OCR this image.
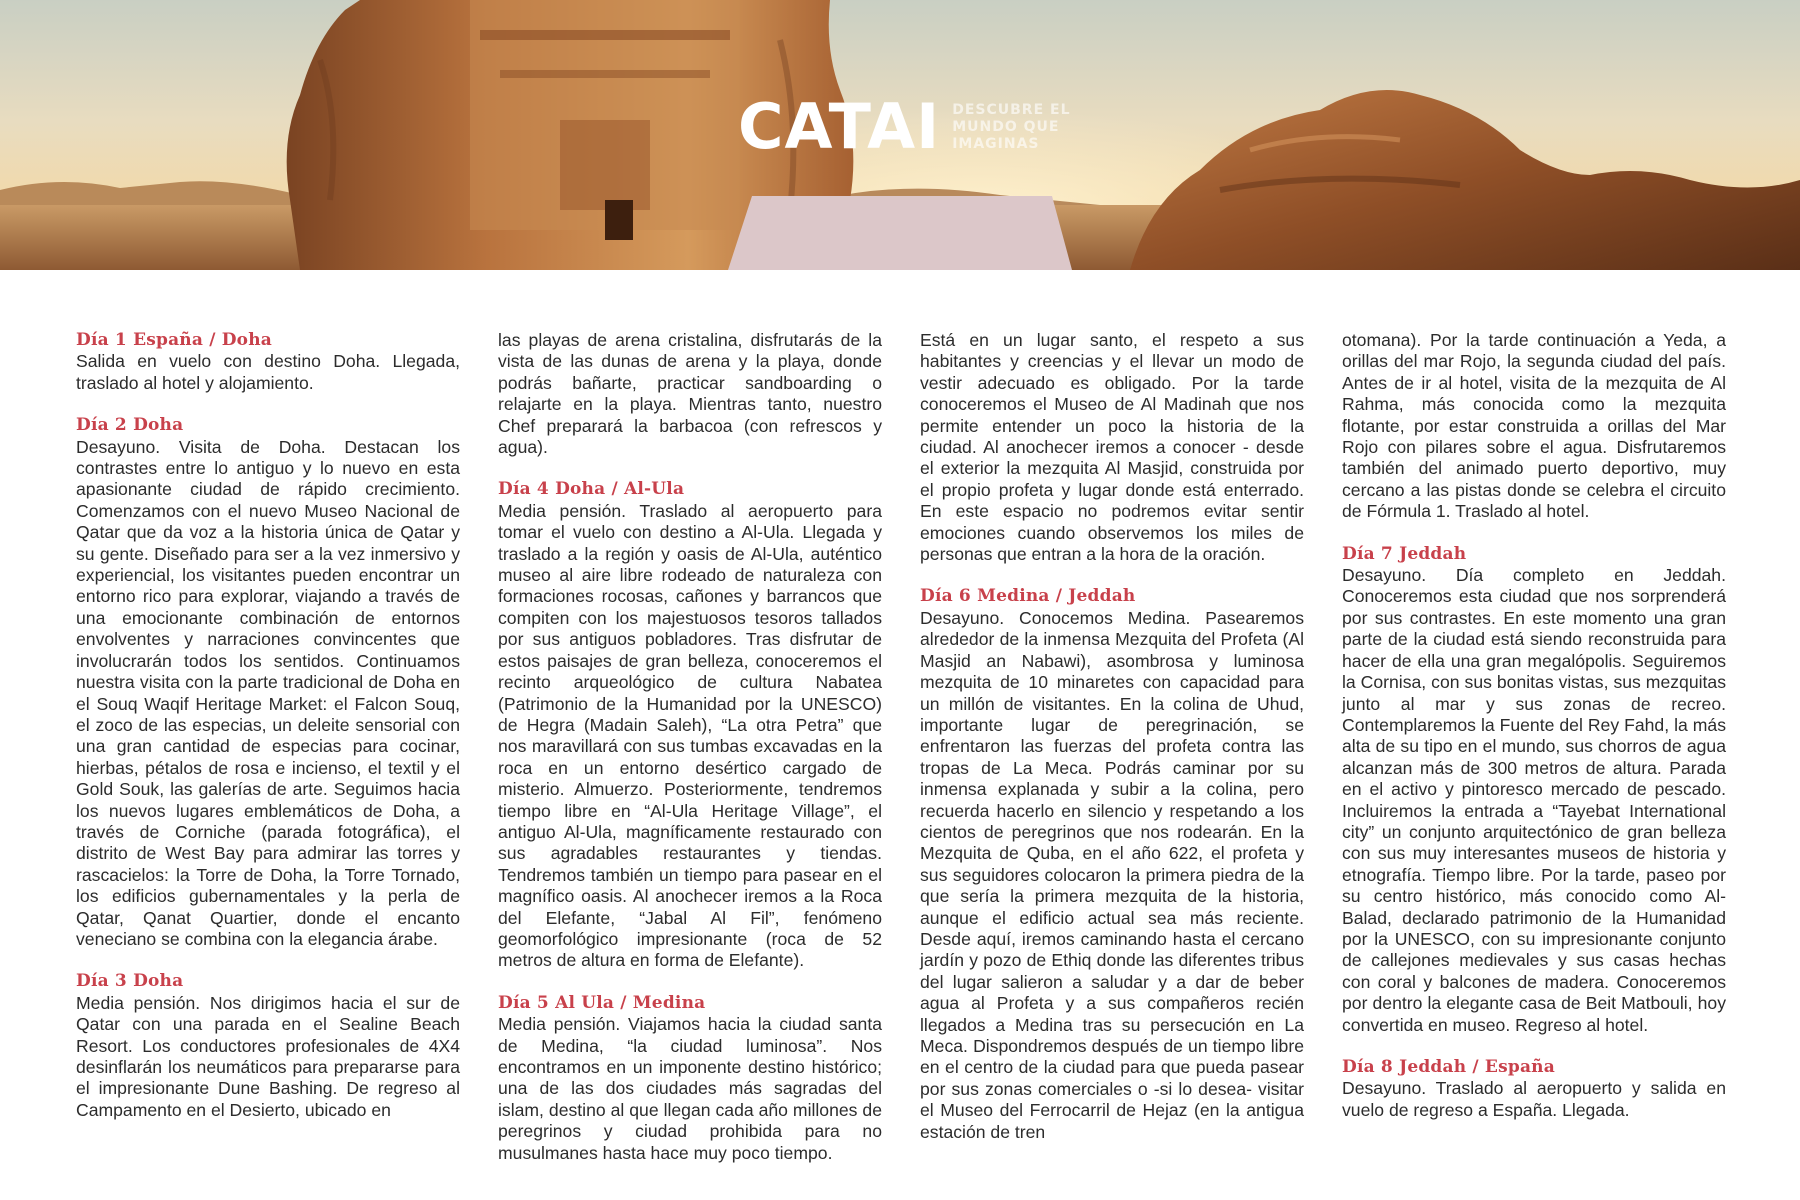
CATAI DESCUBRE EL
MUNDO QUE
IMAGINAS
Día 1 España / Doha

Salida en vuelo con destino Doha. Llegada, traslado al hotel y alojamiento.

Día 2 Doha

Desayuno. Visita de Doha. Destacan los contrastes entre lo antiguo y lo nuevo en esta apasionante ciudad de rápido crecimiento. Comenzamos con el nuevo Museo Nacional de Qatar que da voz a la historia única de Qatar y su gente. Diseñado para ser a la vez inmersivo y experiencial, los visitantes pueden encontrar un entorno rico para explorar, viajando a través de una emocionante combinación de entornos envolventes y narraciones convincentes que involucrarán todos los sentidos. Continuamos nuestra visita con la parte tradicional de Doha en el Souq Waqif Heritage Market: el Falcon Souq, el zoco de las especias, un deleite sensorial con una gran cantidad de especias para cocinar, hierbas, pétalos de rosa e incienso, el textil y el Gold Souk, las galerías de arte. Seguimos hacia los nuevos lugares emblemáticos de Doha, a través de Corniche (parada fotográfica), el distrito de West Bay para admirar las torres y rascacielos: la Torre de Doha, la Torre Tornado, los edificios gubernamentales y la perla de Qatar, Qanat Quartier, donde el encanto veneciano se combina con la elegancia árabe.

Día 3 Doha

Media pensión. Nos dirigimos hacia el sur de Qatar con una parada en el Sealine Beach Resort. Los conductores profesionales de 4X4 desinflarán los neumáticos para prepararse para el impresionante Dune Bashing. De regreso al Campamento en el Desierto, ubicado en

las playas de arena cristalina, disfrutarás de la vista de las dunas de arena y la playa, donde podrás bañarte, practicar sandboarding o relajarte en la playa. Mientras tanto, nuestro Chef preparará la barbacoa (con refrescos y agua).

Día 4 Doha / Al-Ula

Media pensión. Traslado al aeropuerto para tomar el vuelo con destino a Al-Ula. Llegada y traslado a la región y oasis de Al-Ula, auténtico museo al aire libre rodeado de naturaleza con formaciones rocosas, cañones y barrancos que compiten con los majestuosos tesoros tallados por sus antiguos pobladores. Tras disfrutar de estos paisajes de gran belleza, conoceremos el recinto arqueológico de cultura Nabatea (Patrimonio de la Humanidad por la UNESCO) de Hegra (Madain Saleh), “La otra Petra” que nos maravillará con sus tumbas excavadas en la roca en un entorno desértico cargado de misterio. Almuerzo. Posteriormente, tendremos tiempo libre en “Al-Ula Heritage Village”, el antiguo Al-Ula, magníficamente restaurado con sus agradables restaurantes y tiendas. Tendremos también un tiempo para pasear en el magnífico oasis. Al anochecer iremos a la Roca del Elefante, “Jabal Al Fil”, fenómeno geomorfológico impresionante (roca de 52 metros de altura en forma de Elefante).

Día 5 Al Ula / Medina

Media pensión. Viajamos hacia la ciudad santa de Medina, “la ciudad luminosa”. Nos encontramos en un imponente destino histórico; una de las dos ciudades más sagradas del islam, destino al que llegan cada año millones de peregrinos y ciudad prohibida para no musulmanes hasta hace muy poco tiempo.

Está en un lugar santo, el respeto a sus habitantes y creencias y el llevar un modo de vestir adecuado es obligado. Por la tarde conoceremos el Museo de Al Madinah que nos permite entender un poco la historia de la ciudad. Al anochecer iremos a conocer - desde el exterior la mezquita Al Masjid, construida por el propio profeta y lugar donde está enterrado. En este espacio no podremos evitar sentir emociones cuando observemos los miles de personas que entran a la hora de la oración.

Día 6 Medina / Jeddah

Desayuno. Conocemos Medina. Pasearemos alrededor de la inmensa Mezquita del Profeta (Al Masjid an Nabawi), asombrosa y luminosa mezquita de 10 minaretes con capacidad para un millón de visitantes. En la colina de Uhud, importante lugar de peregrinación, se enfrentaron las fuerzas del profeta contra las tropas de La Meca. Podrás caminar por su inmensa explanada y subir a la colina, pero recuerda hacerlo en silencio y respetando a los cientos de peregrinos que nos rodearán. En la Mezquita de Quba, en el año 622, el profeta y sus seguidores colocaron la primera piedra de la que sería la primera mezquita de la historia, aunque el edificio actual sea más reciente. Desde aquí, iremos caminando hasta el cercano jardín y pozo de Ethiq donde las diferentes tribus del lugar salieron a saludar y a dar de beber agua al Profeta y a sus compañeros recién llegados a Medina tras su persecución en La Meca. Dispondremos después de un tiempo libre en el centro de la ciudad para que pueda pasear por sus zonas comerciales o -si lo desea- visitar el Museo del Ferrocarril de Hejaz (en la antigua estación de tren

otomana). Por la tarde continuación a Yeda, a orillas del mar Rojo, la segunda ciudad del país. Antes de ir al hotel, visita de la mezquita de Al Rahma, más conocida como la mezquita flotante, por estar construida a orillas del Mar Rojo con pilares sobre el agua. Disfrutaremos también del animado puerto deportivo, muy cercano a las pistas donde se celebra el circuito de Fórmula 1. Traslado al hotel.

Día 7 Jeddah

Desayuno. Día completo en Jeddah. Conoceremos esta ciudad que nos sorprenderá por sus contrastes. En este momento una gran parte de la ciudad está siendo reconstruida para hacer de ella una gran megalópolis. Seguiremos la Cornisa, con sus bonitas vistas, sus mezquitas junto al mar y sus zonas de recreo. Contemplaremos la Fuente del Rey Fahd, la más alta de su tipo en el mundo, sus chorros de agua alcanzan más de 300 metros de altura. Parada en el activo y pintoresco mercado de pescado. Incluiremos la entrada a “Tayebat International city” un conjunto arquitectónico de gran belleza con sus muy interesantes museos de historia y etnografía. Tiempo libre. Por la tarde, paseo por su centro histórico, más conocido como Al-Balad, declarado patrimonio de la Humanidad por la UNESCO, con su impresionante conjunto de callejones medievales y sus casas hechas con coral y balcones de madera. Conoceremos por dentro la elegante casa de Beit Matbouli, hoy convertida en museo. Regreso al hotel.

Día 8 Jeddah / España

Desayuno. Traslado al aeropuerto y salida en vuelo de regreso a España. Llegada.
